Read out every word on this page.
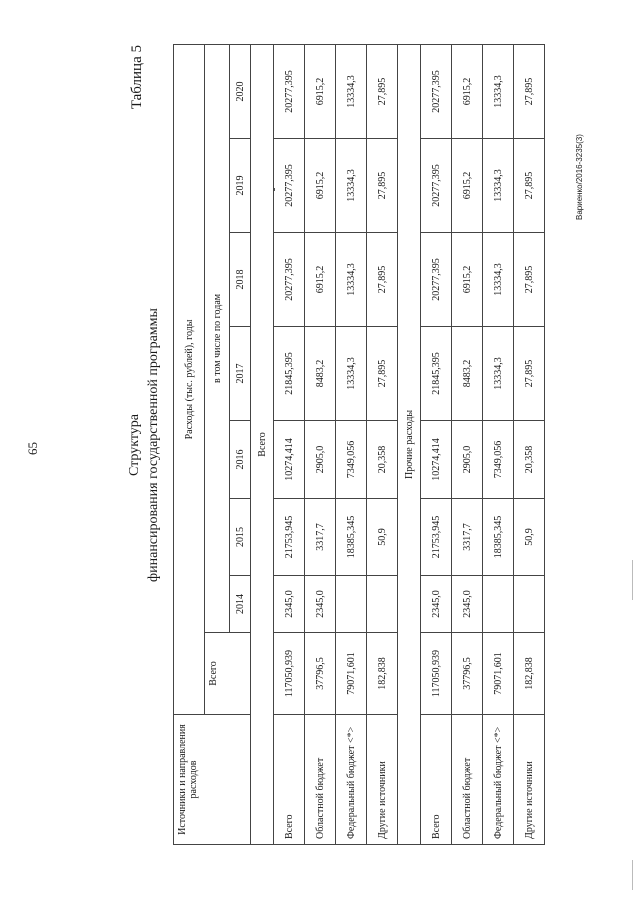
65
Вариенко/2016-3235(3)
Таблица 5
Структура финансирования государственной программы
Источники и направления расходов	Расходы (тыс. рублей), годы							
	Всего	в том числе по годам						
		2014	2015	2016	2017	2018	2019	2020
Всего								
Всего	117050,939	2345,0	21753,945	10274,414	21845,395	20277,395	20277,395	20277,395
Областной бюджет	37796,5	2345,0	3317,7	2905,0	8483,2	6915,2	6915,2	6915,2
Федеральный бюджет <*>	79071,601		18385,345	7349,056	13334,3	13334,3	13334,3	13334,3
Другие источники	182,838		50,9	20,358	27,895	27,895	27,895	27,895
Прочие расходы								
Всего	117050,939	2345,0	21753,945	10274,414	21845,395	20277,395	20277,395	20277,395
Областной бюджет	37796,5	2345,0	3317,7	2905,0	8483,2	6915,2	6915,2	6915,2
Федеральный бюджет <*>	79071,601		18385,345	7349,056	13334,3	13334,3	13334,3	13334,3
Другие источники	182,838		50,9	20,358	27,895	27,895	27,895	27,895
